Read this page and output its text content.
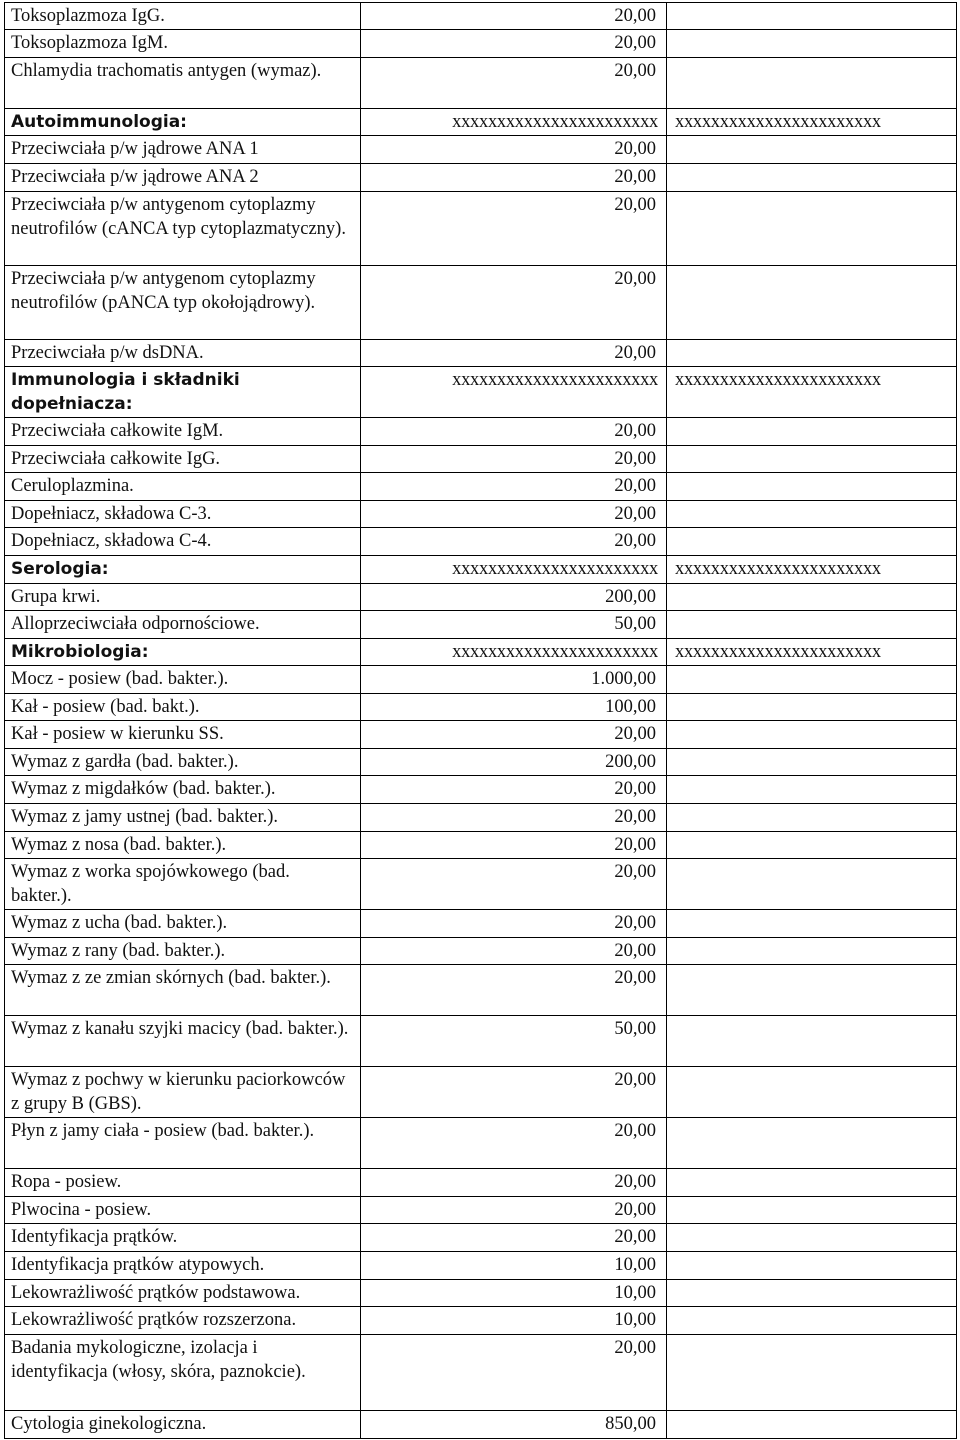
Toksoplazmoza IgG.	20,00	
Toksoplazmoza IgM.	20,00	
Chlamydia trachomatis antygen (wymaz).	20,00	
Autoimmunologia:	xxxxxxxxxxxxxxxxxxxxxxx	xxxxxxxxxxxxxxxxxxxxxxx
Przeciwciała p/w jądrowe ANA 1	20,00	
Przeciwciała p/w jądrowe ANA 2	20,00	
Przeciwciała p/w antygenom cytoplazmy neutrofilów (cANCA typ cytoplazmatyczny).	20,00	
Przeciwciała p/w antygenom cytoplazmy neutrofilów (pANCA typ okołojądrowy).	20,00	
Przeciwciała p/w dsDNA.	20,00	
Immunologia i składniki dopełniacza:	xxxxxxxxxxxxxxxxxxxxxxx	xxxxxxxxxxxxxxxxxxxxxxx
Przeciwciała całkowite IgM.	20,00	
Przeciwciała całkowite IgG.	20,00	
Ceruloplazmina.	20,00	
Dopełniacz, składowa C-3.	20,00	
Dopełniacz, składowa C-4.	20,00	
Serologia:	xxxxxxxxxxxxxxxxxxxxxxx	xxxxxxxxxxxxxxxxxxxxxxx
Grupa krwi.	200,00	
Alloprzeciwciała odpornościowe.	50,00	
Mikrobiologia:	xxxxxxxxxxxxxxxxxxxxxxx	xxxxxxxxxxxxxxxxxxxxxxx
Mocz - posiew (bad. bakter.).	1.000,00	
Kał - posiew (bad. bakt.).	100,00	
Kał - posiew w kierunku SS.	20,00	
Wymaz z gardła (bad. bakter.).	200,00	
Wymaz z migdałków (bad. bakter.).	20,00	
Wymaz z jamy ustnej (bad. bakter.).	20,00	
Wymaz z nosa (bad. bakter.).	20,00	
Wymaz z worka spojówkowego (bad. bakter.).	20,00	
Wymaz z ucha (bad. bakter.).	20,00	
Wymaz z rany (bad. bakter.).	20,00	
Wymaz z ze zmian skórnych (bad. bakter.).	20,00	
Wymaz z kanału szyjki macicy (bad. bakter.).	50,00	
Wymaz z pochwy w kierunku paciorkowców z grupy B (GBS).	20,00	
Płyn z jamy ciała - posiew (bad. bakter.).	20,00	
Ropa - posiew.	20,00	
Plwocina - posiew.	20,00	
Identyfikacja prątków.	20,00	
Identyfikacja prątków atypowych.	10,00	
Lekowrażliwość prątków podstawowa.	10,00	
Lekowrażliwość prątków rozszerzona.	10,00	
Badania mykologiczne, izolacja i identyfikacja (włosy, skóra, paznokcie).	20,00	
Cytologia ginekologiczna.	850,00	
